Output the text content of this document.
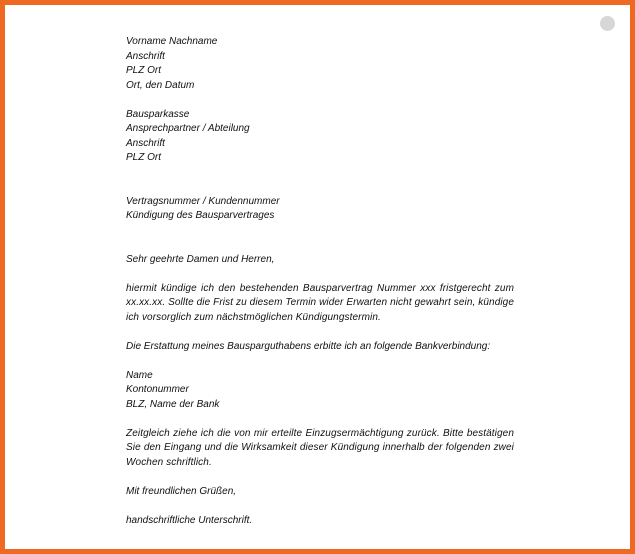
Vorname Nachname
Anschrift
PLZ Ort
Ort, den Datum
Bausparkasse
Ansprechpartner / Abteilung
Anschrift
PLZ Ort
Vertragsnummer / Kundennummer
Kündigung des Bausparvertrages
Sehr geehrte Damen und Herren,

hiermit kündige ich den bestehenden Bausparvertrag Nummer xxx fristgerecht zum xx.xx.xx. Sollte die Frist zu diesem Termin wider Erwarten nicht gewahrt sein, kündige ich vorsorglich zum nächstmöglichen Kündigungstermin.

Die Erstattung meines Bausparguthabens erbitte ich an folgende Bankverbindung:
Name
Kontonummer
BLZ, Name der Bank

Zeitgleich ziehe ich die von mir erteilte Einzugsermächtigung zurück. Bitte bestätigen Sie den Eingang und die Wirksamkeit dieser Kündigung innerhalb der folgenden zwei Wochen schriftlich.

Mit freundlichen Grüßen,
handschriftliche Unterschrift.
